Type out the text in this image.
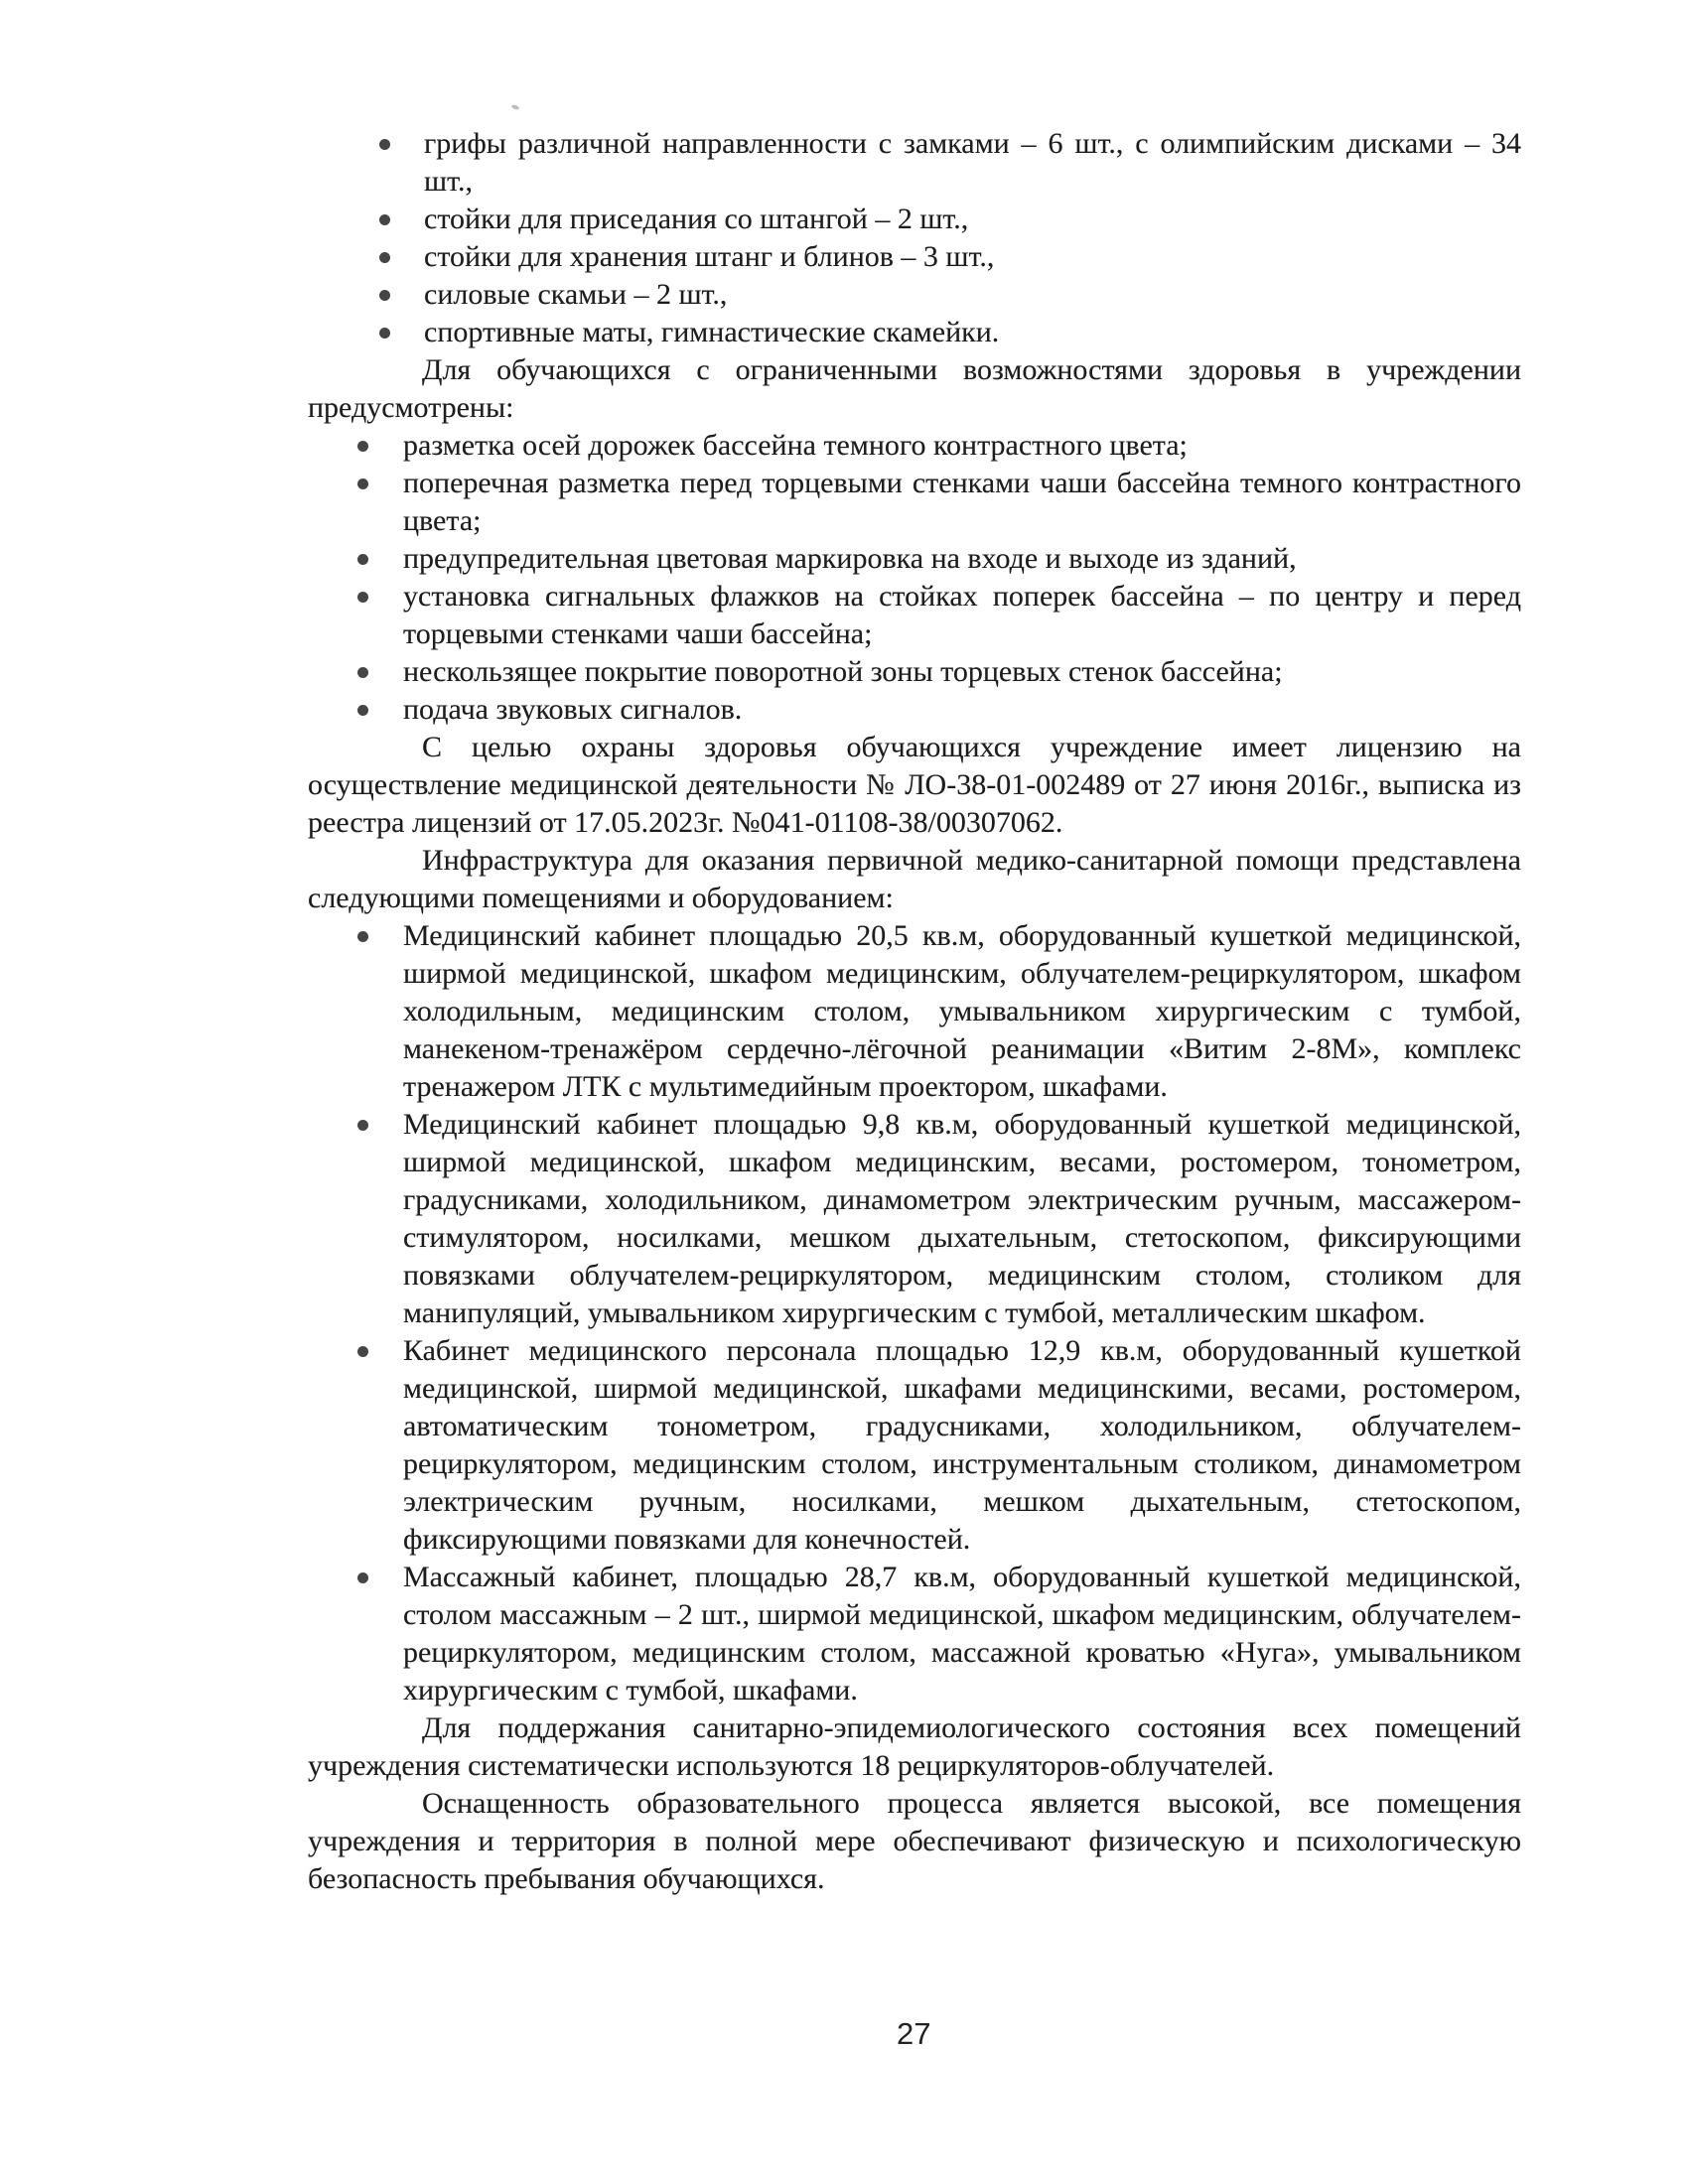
грифы различной направленности с замками – 6 шт., с олимпийским дисками – 34 шт.,
стойки для приседания со штангой – 2 шт.,
стойки для хранения штанг и блинов – 3 шт.,
силовые скамьи – 2 шт.,
спортивные маты, гимнастические скамейки.

Для обучающихся с ограниченными возможностями здоровья в учреждении предусмотрены:

разметка осей дорожек бассейна темного контрастного цвета;
поперечная разметка перед торцевыми стенками чаши бассейна темного контрастного цвета;
предупредительная цветовая маркировка на входе и выходе из зданий,
установка сигнальных флажков на стойках поперек бассейна – по центру и перед торцевыми стенками чаши бассейна;
нескользящее покрытие поворотной зоны торцевых стенок бассейна;
подача звуковых сигналов.

С целью охраны здоровья обучающихся учреждение имеет лицензию на осуществление медицинской деятельности № ЛО-38-01-002489 от 27 июня 2016г., выписка из реестра лицензий от 17.05.2023г. №041-01108-38/00307062.

Инфраструктура для оказания первичной медико-санитарной помощи представлена следующими помещениями и оборудованием:

Медицинский кабинет площадью 20,5 кв.м, оборудованный кушеткой медицинской, ширмой медицинской, шкафом медицинским, облучателем-рециркулятором, шкафом холодильным, медицинским столом, умывальником хирургическим с тумбой, манекеном-тренажёром сердечно-лёгочной реанимации «Витим 2-8М», комплекс тренажером ЛТК с мультимедийным проектором, шкафами.
Медицинский кабинет площадью 9,8 кв.м, оборудованный кушеткой медицинской, ширмой медицинской, шкафом медицинским, весами, ростомером, тонометром, градусниками, холодильником, динамометром электрическим ручным, массажером-стимулятором, носилками, мешком дыхательным, стетоскопом, фиксирующими повязками облучателем-рециркулятором, медицинским столом, столиком для манипуляций, умывальником хирургическим с тумбой, металлическим шкафом.
Кабинет медицинского персонала площадью 12,9 кв.м, оборудованный кушеткой медицинской, ширмой медицинской, шкафами медицинскими, весами, ростомером, автоматическим тонометром, градусниками, холодильником, облучателем-рециркулятором, медицинским столом, инструментальным столиком, динамометром электрическим ручным, носилками, мешком дыхательным, стетоскопом, фиксирующими повязками для конечностей.
Массажный кабинет, площадью 28,7 кв.м, оборудованный кушеткой медицинской, столом массажным – 2 шт., ширмой медицинской, шкафом медицинским, облучателем-рециркулятором, медицинским столом, массажной кроватью «Нуга», умывальником хирургическим с тумбой, шкафами.

Для поддержания санитарно-эпидемиологического состояния всех помещений учреждения систематически используются 18 рециркуляторов-облучателей.

Оснащенность образовательного процесса является высокой, все помещения учреждения и территория в полной мере обеспечивают физическую и психологическую безопасность пребывания обучающихся.

27
